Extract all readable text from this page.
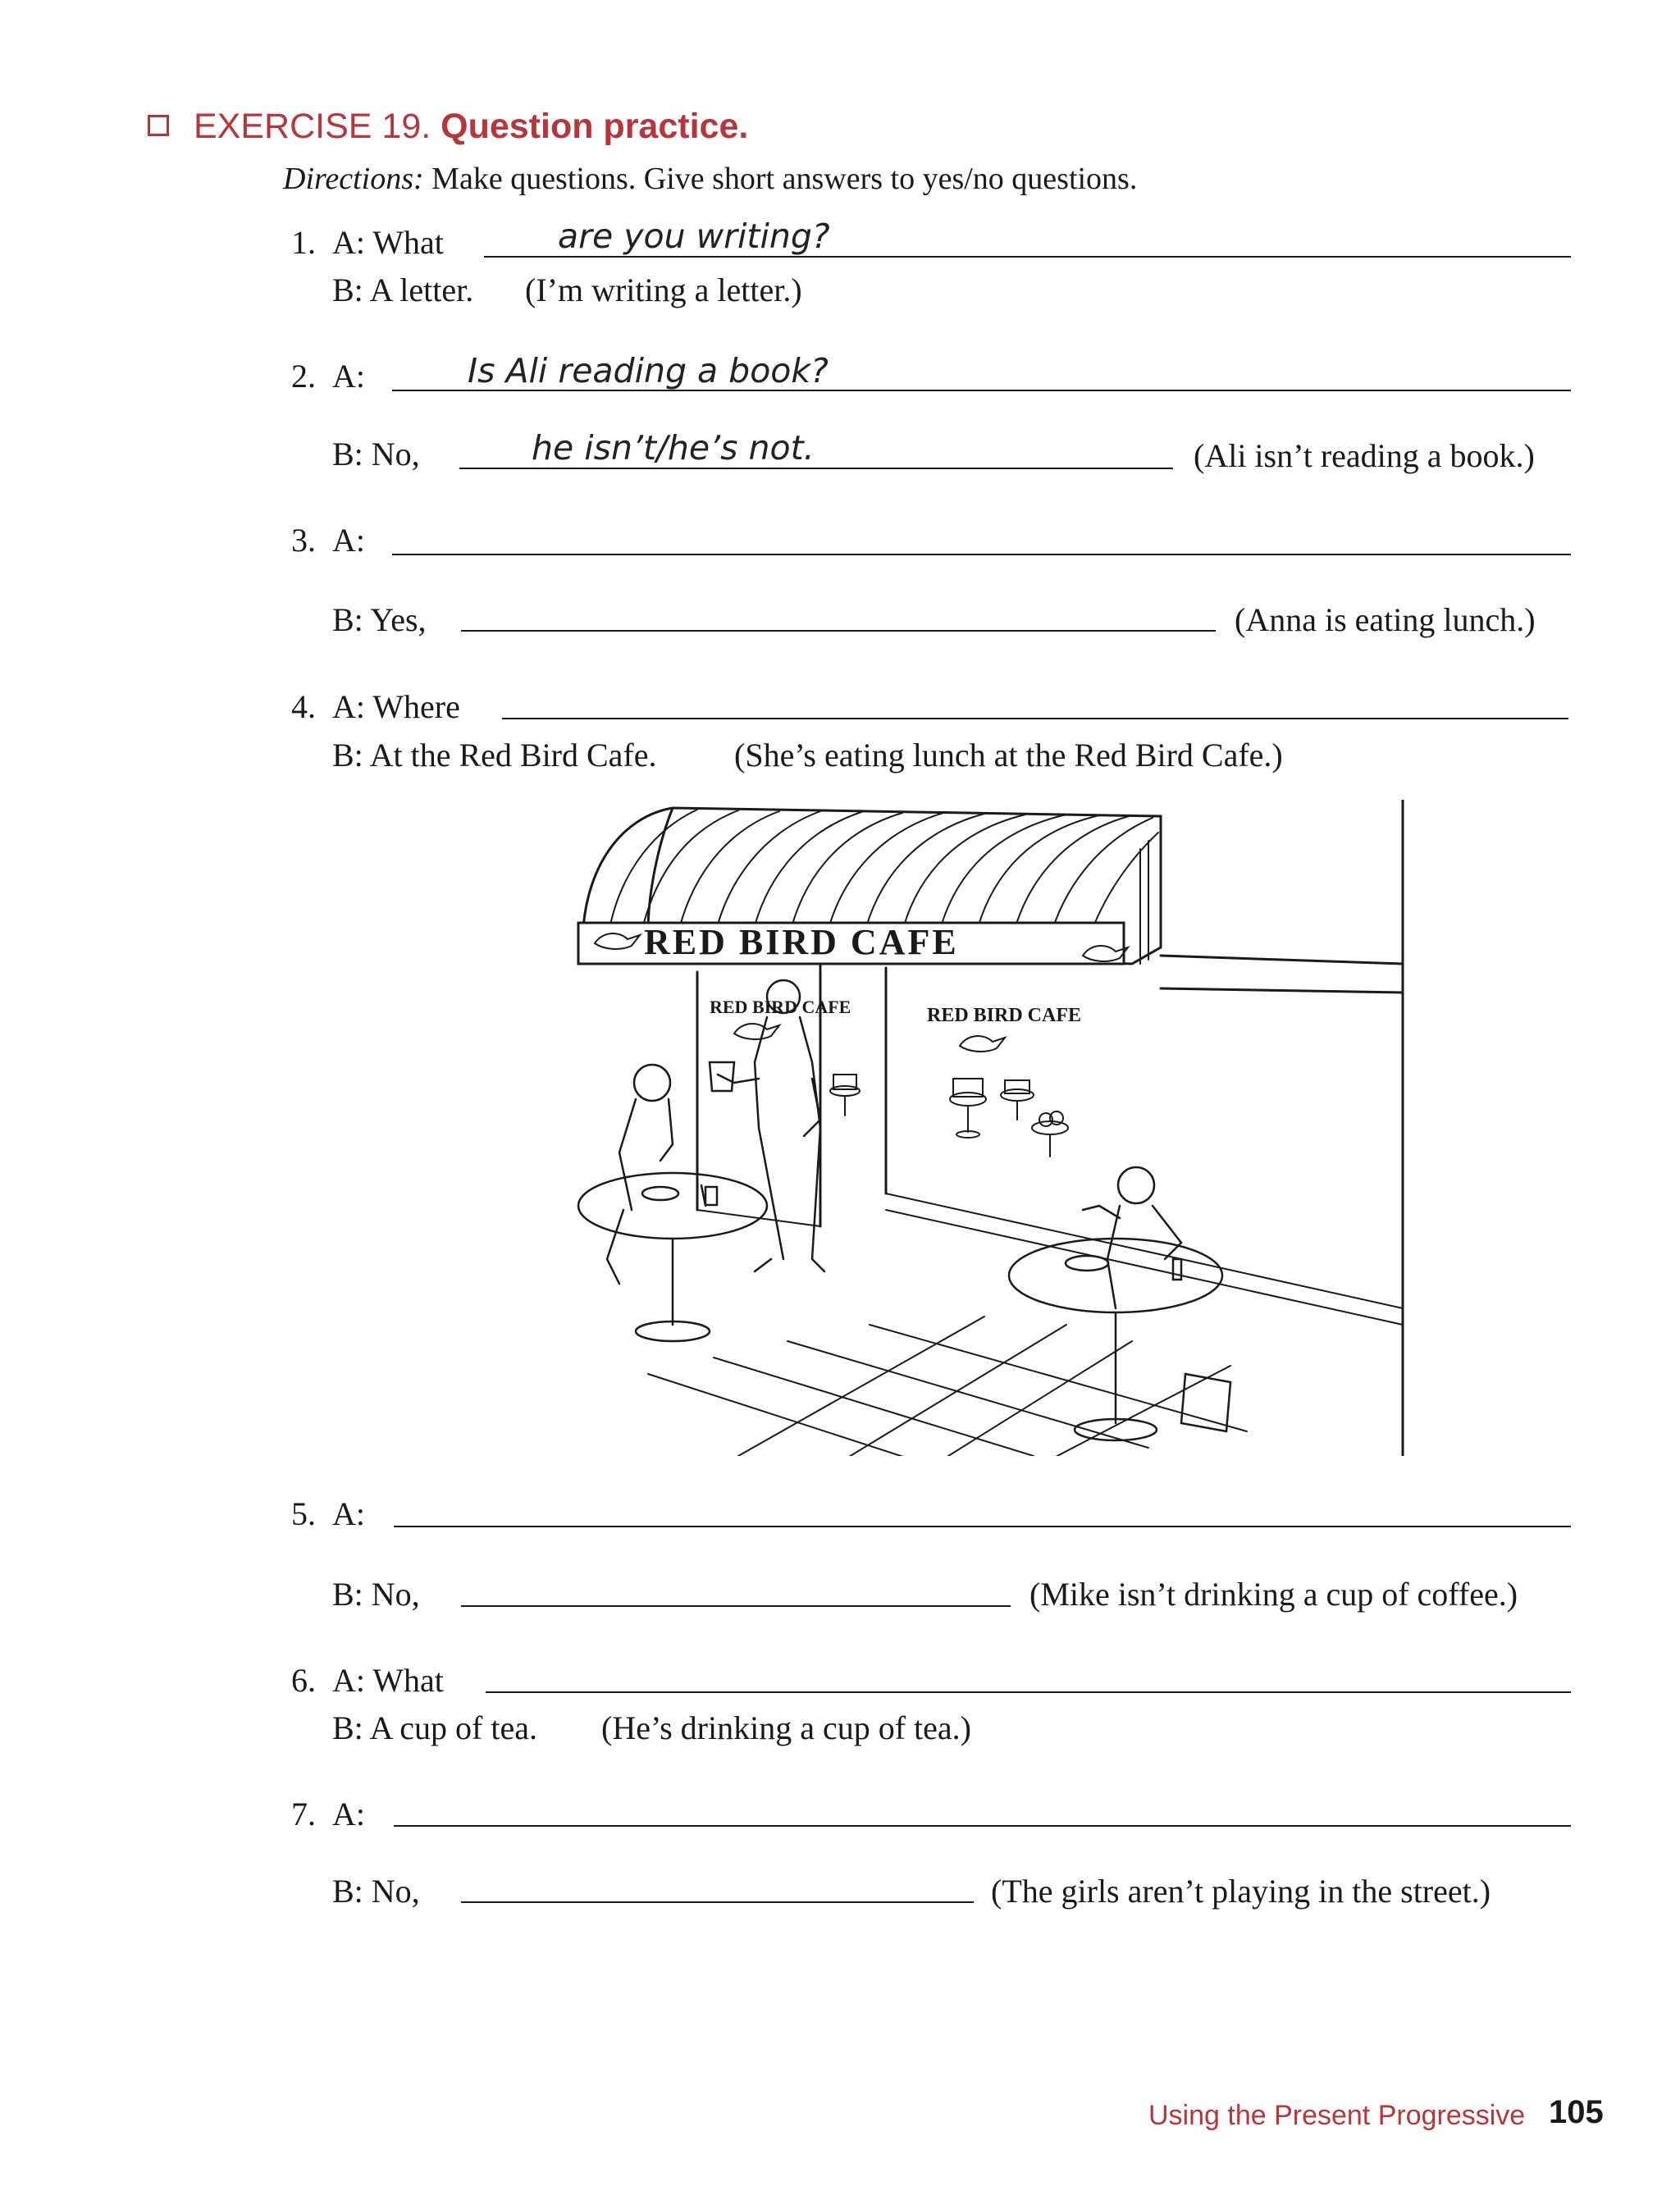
EXERCISE 19. Question practice.
Directions: Make questions. Give short answers to yes/no questions.
1. A: What	are you writing?
B: A letter. (I’m writing a letter.)
2. A:	Is Ali reading a book?
B: No,	he isn’t/he’s not.	(Ali isn’t reading a book.)
3. A:
B: Yes,	(Anna is eating lunch.)
4. A: Where
B: At the Red Bird Cafe. (She’s eating lunch at the Red Bird Cafe.)
RED BIRD CAFE
RED BIRD CAFE	RED BIRD CAFE
5. A:
B: No,	(Mike isn’t drinking a cup of coffee.)
6. A: What
B: A cup of tea. (He’s drinking a cup of tea.)
7. A:
B: No,	(The girls aren’t playing in the street.)
Using the Present Progressive 105
